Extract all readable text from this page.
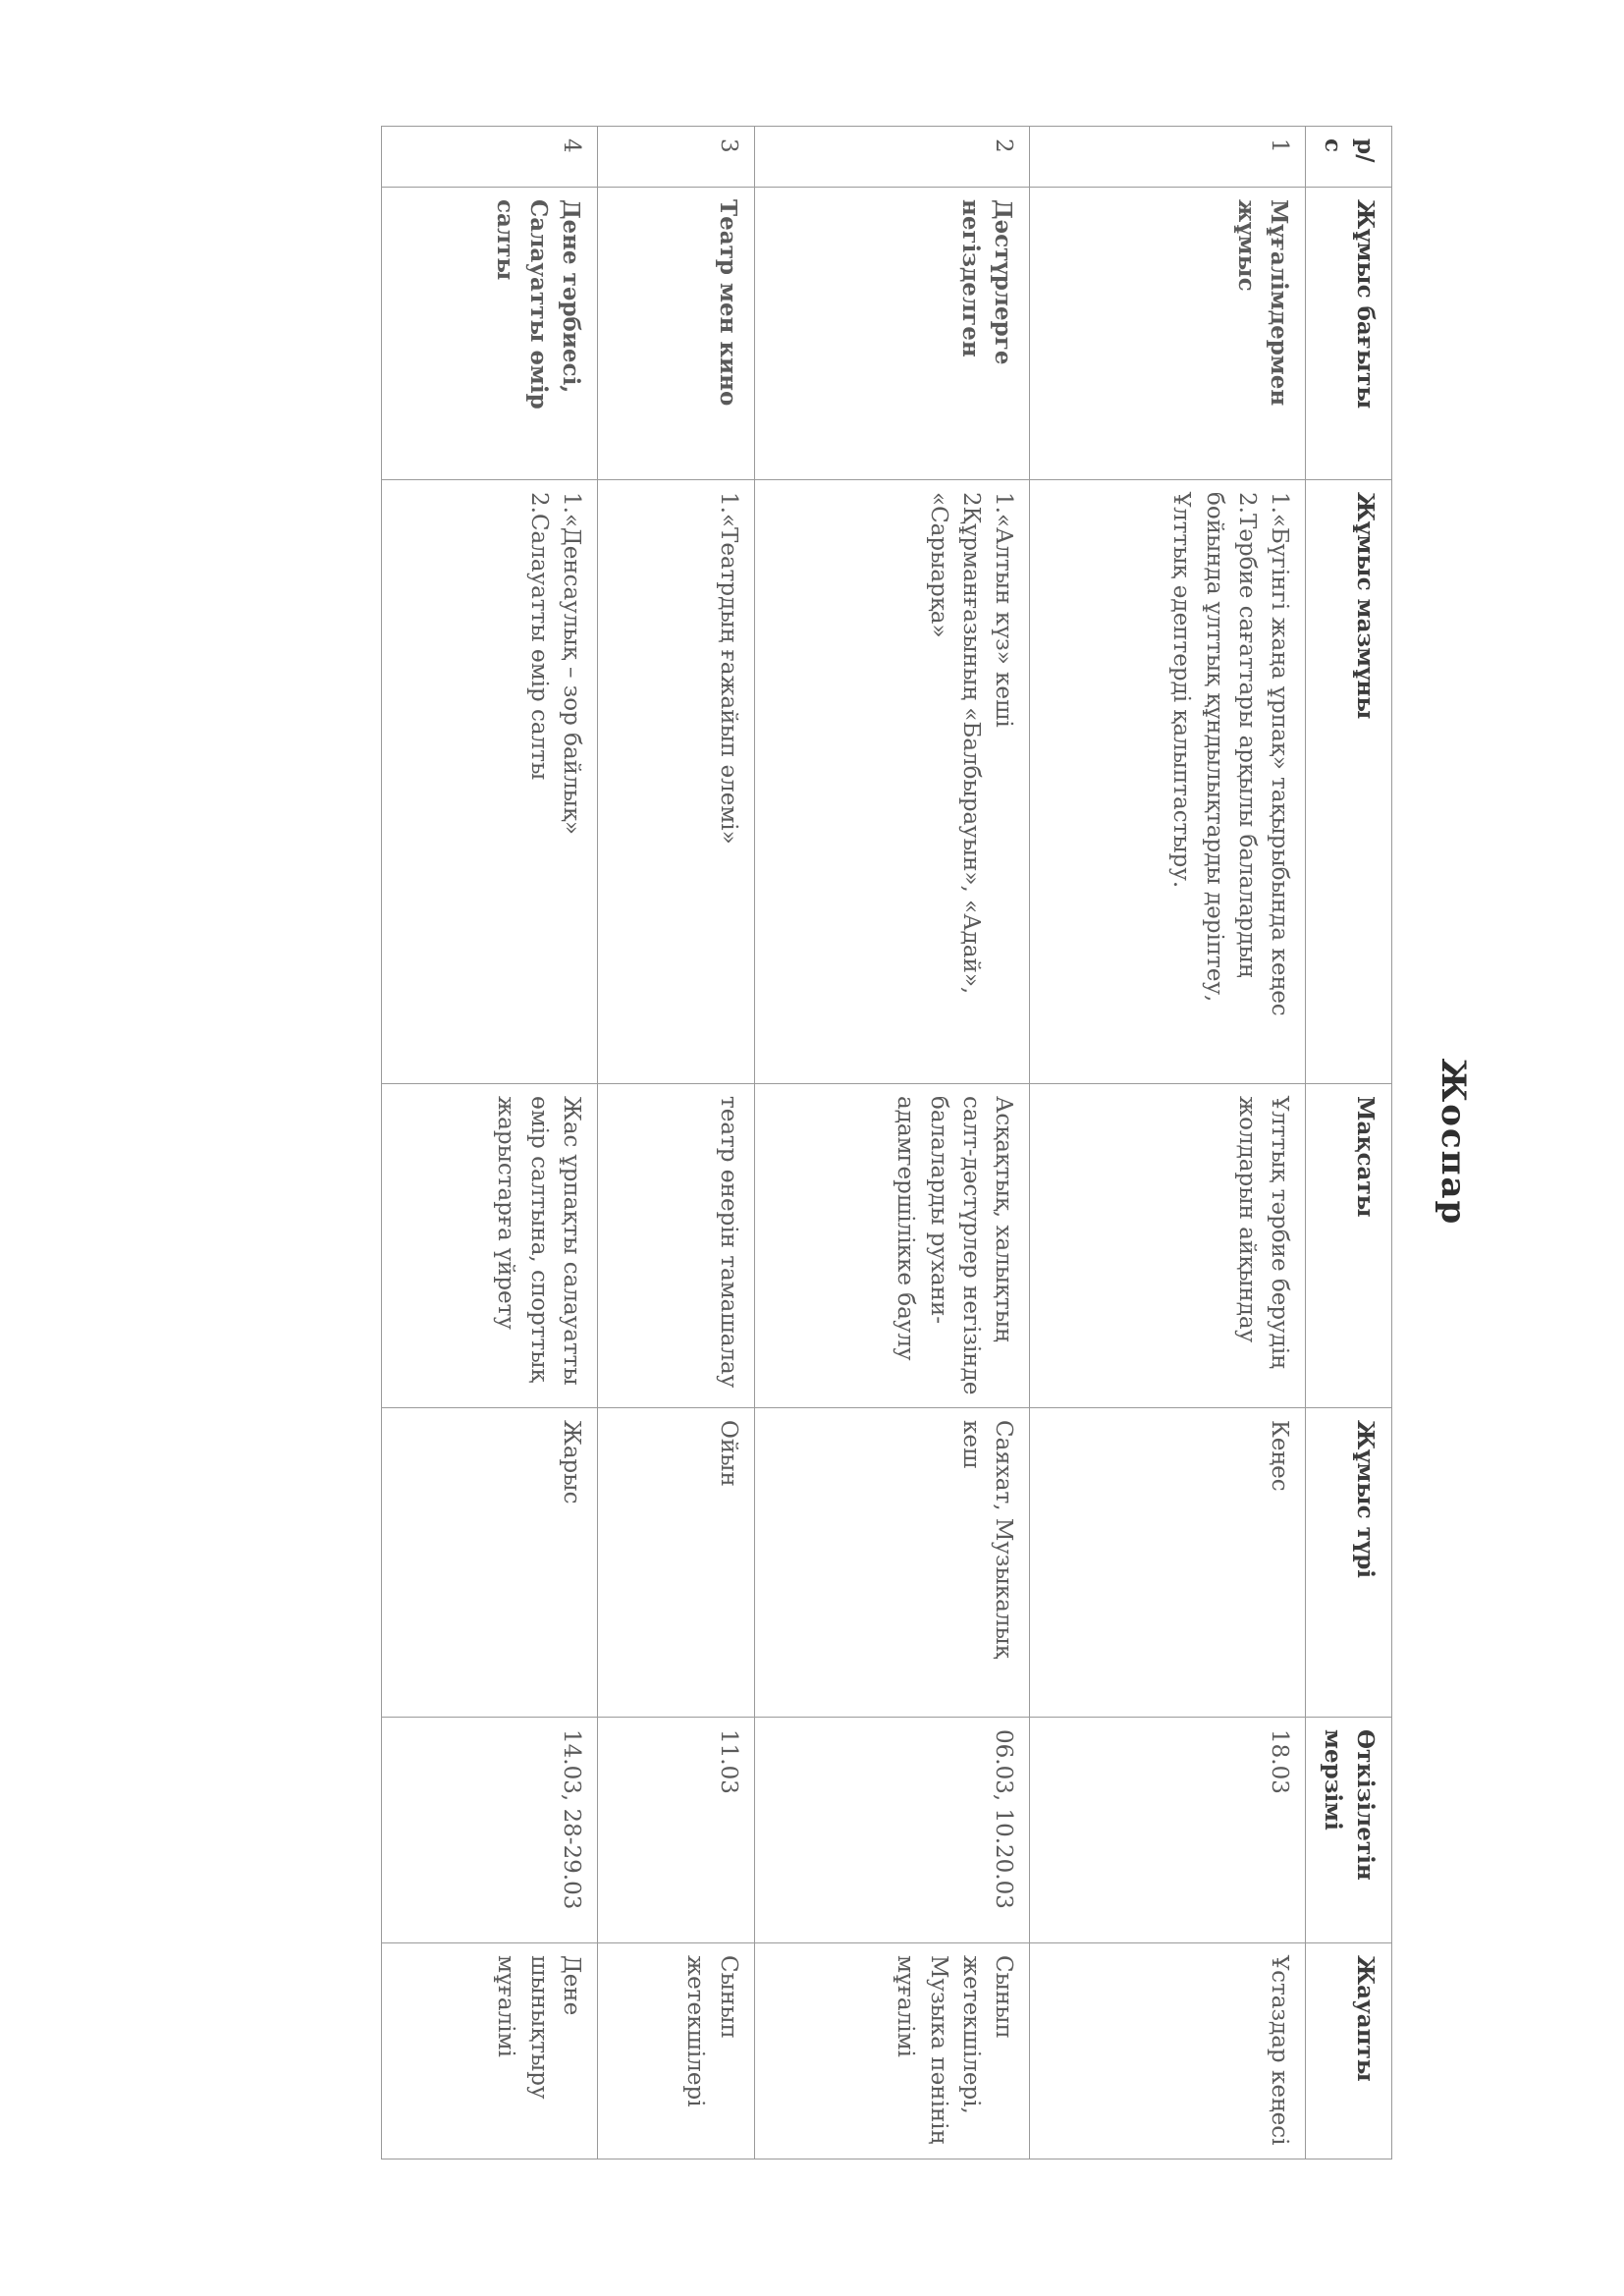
Жоспар
р/с	Жұмыс бағыты	Жұмыс мазмұны	Мақсаты	Жұмыс түрі	Өткізілетін мерзімі	Жауапты
1	Мұғалімдермен жұмыс	1.«Бүгінгі жаңа ұрпақ» тақырыбында кеңес
2.Тәрбие сағаттары арқылы балалардың бойында ұлттық құндылықтарды дәріптеу, Ұлттық әдептерді қалыптастыру.	Ұлттық тәрбие берудің жолдарын айқындау	Кеңес	18.03	Ұстаздар кеңесі
2	Дәстүрлерге негізделген	1.«Алтын күз» кеші
2Құрманғазының «Балбырауын», «Адай», «Сарыарқа»	Асқақтық, халықтың салт-дәстүрлер негізінде балаларды рухани-адамгершілікке баулу	Саяхат, Музыкалық кеш	06.03, 10.20.03	Сынып жетекшілері, Музыка пәнінің мұғалімі
3	Театр мен кино	1.«Театрдың ғажайып әлемі»	театр өнерін тамашалау	Ойын	11.03	Сынып жетекшілері
4	Дене тәрбиесі, Салауатты өмір салты	1.«Денсаулық – зор байлық»
2.Салауатты өмір салты	Жас ұрпақты салауатты өмір салтына, спорттық жарыстарға үйрету	Жарыс	14.03, 28-29.03	Дене шынықтыру мұғалімі
